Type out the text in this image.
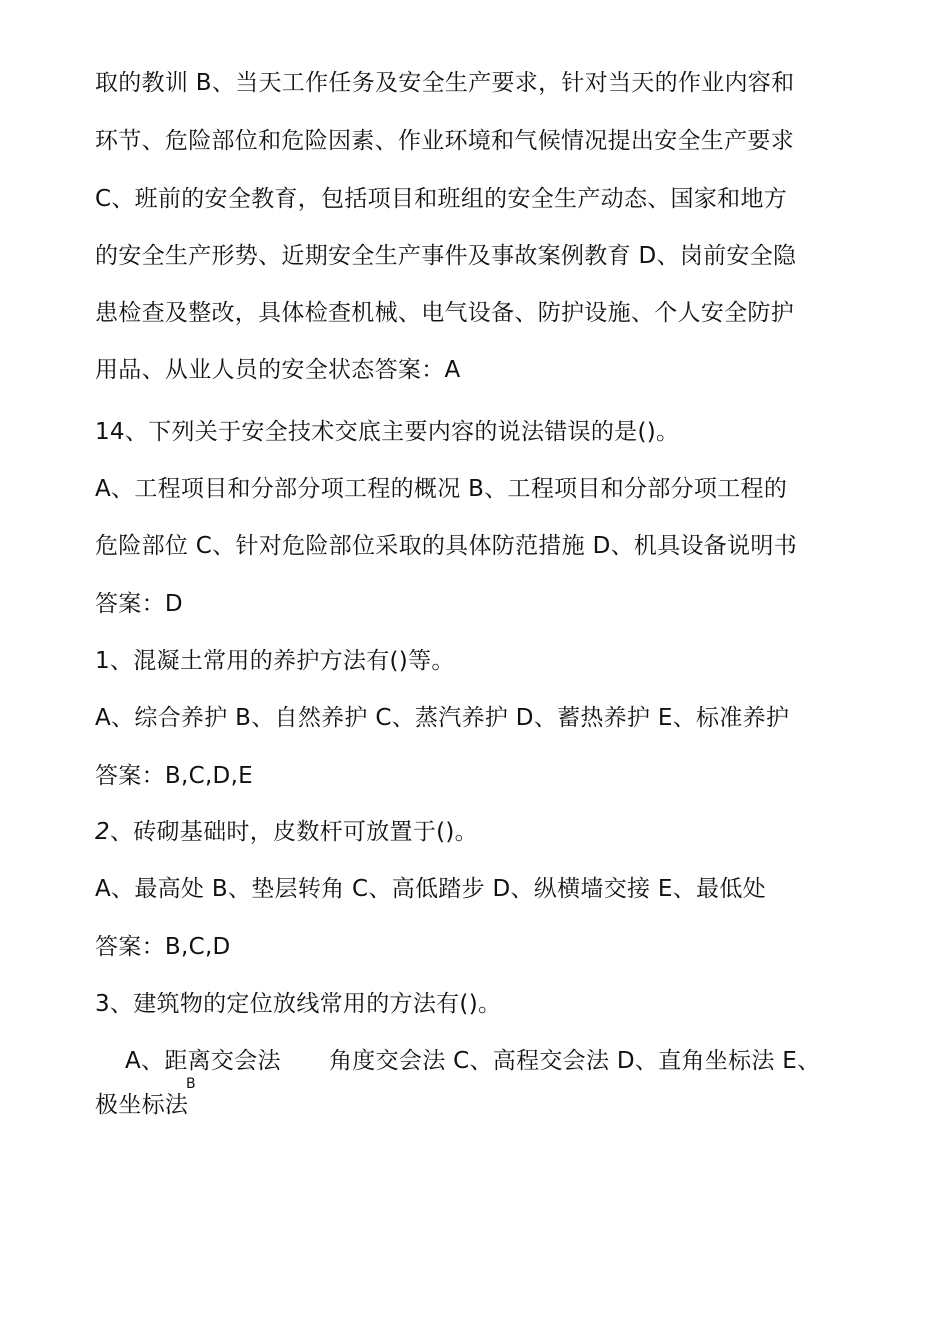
取的教训 B、当天工作任务及安全生产要求，针对当天的作业内容和
环节、危险部位和危险因素、作业环境和气候情况提出安全生产要求
C、班前的安全教育，包括项目和班组的安全生产动态、国家和地方
的安全生产形势、近期安全生产事件及事故案例教育 D、岗前安全隐
患检查及整改，具体检查机械、电气设备、防护设施、个人安全防护
用品、从业人员的安全状态答案：A
14、下列关于安全技术交底主要内容的说法错误的是()。
A、工程项目和分部分项工程的概况 B、工程项目和分部分项工程的
危险部位 C、针对危险部位采取的具体防范措施 D、机具设备说明书
答案：D
1、混凝土常用的养护方法有()等。
A、综合养护 B、自然养护 C、蒸汽养护 D、蓄热养护 E、标准养护
答案：B,C,D,E
2、砖砌基础时，皮数杆可放置于()。
A、最高处 B、垫层转角 C、高低踏步 D、纵横墙交接 E、最低处
答案：B,C,D
3、建筑物的定位放线常用的方法有()。
A、距离交会法
B
角度交会法 C、高程交会法 D、直角坐标法 E、
极坐标法
